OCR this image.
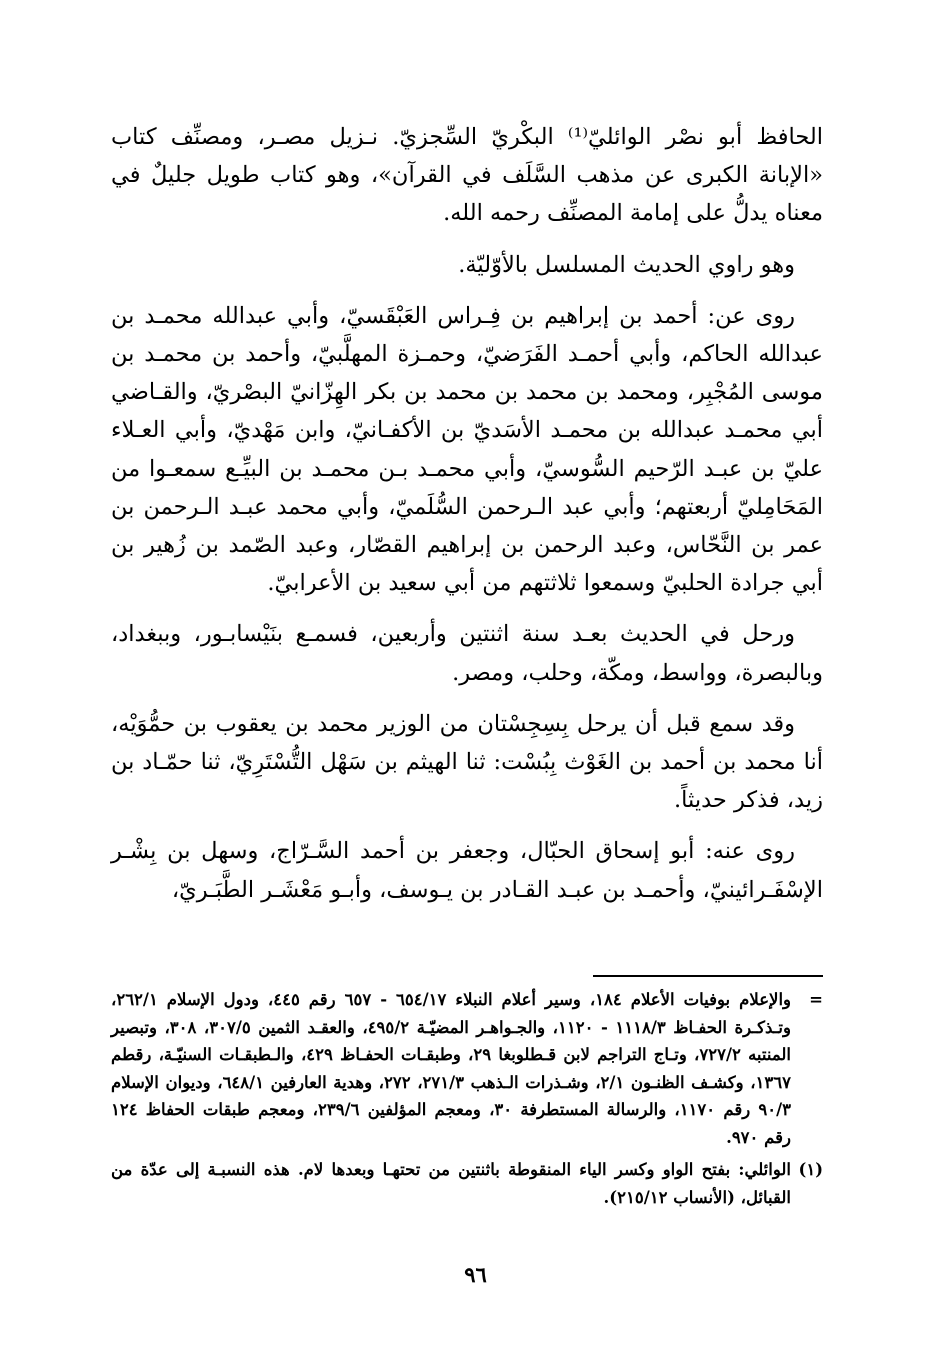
الحافظ أبو نصْر الوائليّ⁽¹⁾ البكْريّ السِّجزيّ. نـزيل مصـر، ومصنِّف كتاب «الإبانة الكبرى عن مذهب السَّلَف في القرآن»، وهو كتاب طويل جليلٌ في معناه يدلُّ على إمامة المصنِّف رحمه الله.

وهو راوي الحديث المسلسل بالأوّليّة.

روى عن: أحمد بن إبراهيم بن فِـراس العَبْقَسيّ، وأبي عبدالله محمـد بن عبدالله الحاكم، وأبي أحمـد الفَرَضيّ، وحمـزة المهلَّبيّ، وأحمد بن محمـد بن موسى المُجْبِر، ومحمد بن محمد بن محمد بن بكر الهِزّانيّ البصْريّ، والقـاضي أبي محمـد عبدالله بن محمـد الأسَديّ بن الأكفـانيّ، وابن مَهْديّ، وأبي العـلاء عليّ بن عبـد الرّحيم السُّوسيّ، وأبي محمـد بـن محمـد بن البيِّـع سمعـوا من المَحَامِليّ أربعتهم؛ وأبي عبد الـرحمن السُّلَميّ، وأبي محمد عبـد الـرحمن بن عمر بن النَّحّاس، وعبد الرحمن بن إبراهيم القصّار، وعبد الصّمد بن زُهير بن أبي جرادة الحلبيّ وسمعوا ثلاثتهم من أبي سعيد بن الأعرابيّ.

ورحل في الحديث بعـد سنة اثنتين وأربعين، فسمـع بنَيْسابـور، وببغداد، وبالبصرة، وواسط، ومكّة، وحلب، ومصر.

وقد سمع قبل أن يرحل بِسِجِسْتان من الوزير محمد بن يعقوب بن حمُّوَيْه، أنا محمد بن أحمد بن الغَوْث بِبُسْت: ثنا الهيثم بن سَهْل التُّسْتَرِيّ، ثنا حمّـاد بن زيد، فذكر حديثاً.

روى عنه: أبو إسحاق الحبّال، وجعفر بن أحمد السَّـرّاج، وسهل بن بِشْـر الإسْفَـرائينيّ، وأحمـد بن عبـد القـادر بن يـوسف، وأبـو مَعْشَـر الطَّبَـريّ،

=
والإعلام بوفيات الأعلام ١٨٤، وسير أعلام النبلاء ٦٥٤/١٧ - ٦٥٧ رقم ٤٤٥، ودول الإسلام ٢٦٢/١، وتـذكـرة الحفـاظ ١١١٨/٣ - ١١٢٠، والجـواهـر المضيّـة ٤٩٥/٢، والعقـد الثمين ٣٠٧/٥، ٣٠٨، وتبصير المنتبه ٧٢٧/٢، وتـاج التراجم لابن قـطلوبغا ٢٩، وطبقـات الحفـاظ ٤٢٩، والـطبقـات السنيّـة، رقطم ١٣٦٧، وكشـف الظنـون ٢/١، وشـذرات الـذهب ٢٧١/٣، ٢٧٢، وهدية العارفين ٦٤٨/١، وديوان الإسلام ٩٠/٣ رقم ١١٧٠، والرسالة المستطرفة ٣٠، ومعجم المؤلفين ٢٣٩/٦، ومعجم طبقات الحفاظ ١٢٤ رقم ٩٧٠.
(١)
الوائلي: بفتح الواو وكسر الياء المنقوطة باثنتين من تحتهـا وبعدها لام. هذه النسبـة إلى عدّة من القبائل، (الأنساب ٢١٥/١٢).
٩٦
